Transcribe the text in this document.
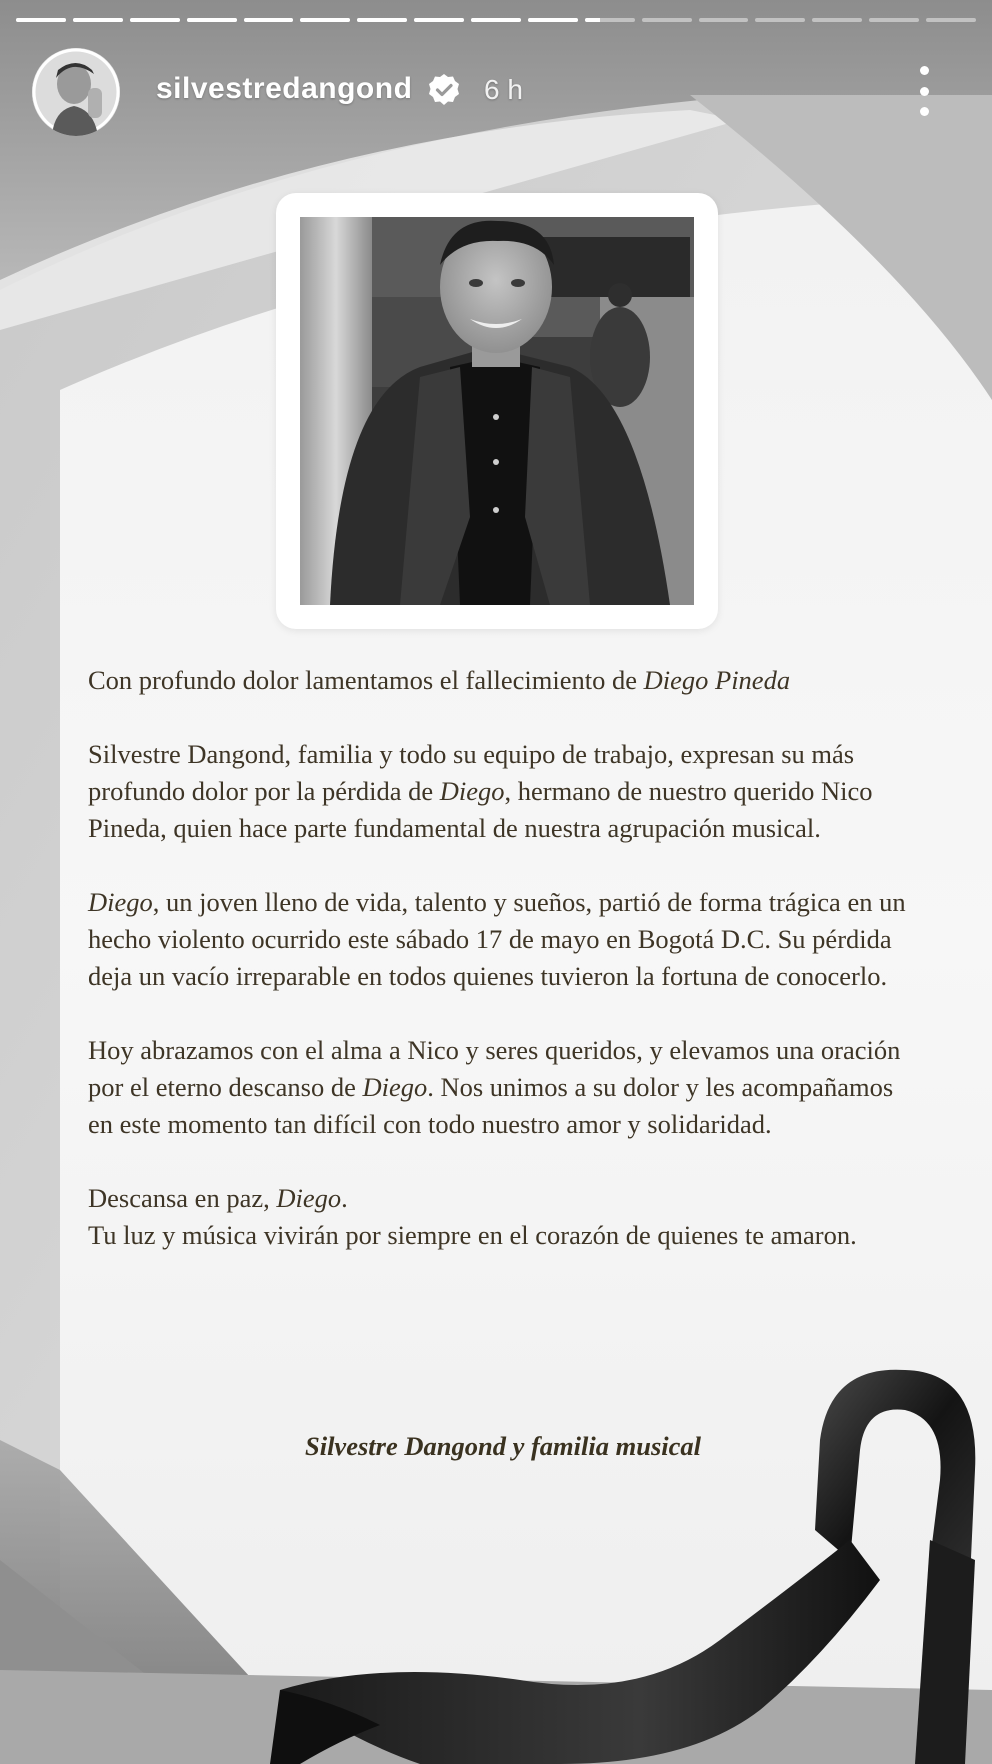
silvestredangond	6 h

Con profundo dolor lamentamos el fallecimiento de Diego Pineda

Silvestre Dangond, familia y todo su equipo de trabajo, expresan su más profundo dolor por la pérdida de Diego, hermano de nuestro querido Nico Pineda, quien hace parte fundamental de nuestra agrupación musical.

Diego, un joven lleno de vida, talento y sueños, partió de forma trágica en un hecho violento ocurrido este sábado 17 de mayo en Bogotá D.C. Su pérdida deja un vacío irreparable en todos quienes tuvieron la fortuna de conocerlo.

Hoy abrazamos con el alma a Nico y seres queridos, y elevamos una oración por el eterno descanso de Diego. Nos unimos a su dolor y les acompañamos en este momento tan difícil con todo nuestro amor y solidaridad.

Descansa en paz, Diego.
Tu luz y música vivirán por siempre en el corazón de quienes te amaron.

Silvestre Dangond y familia musical
